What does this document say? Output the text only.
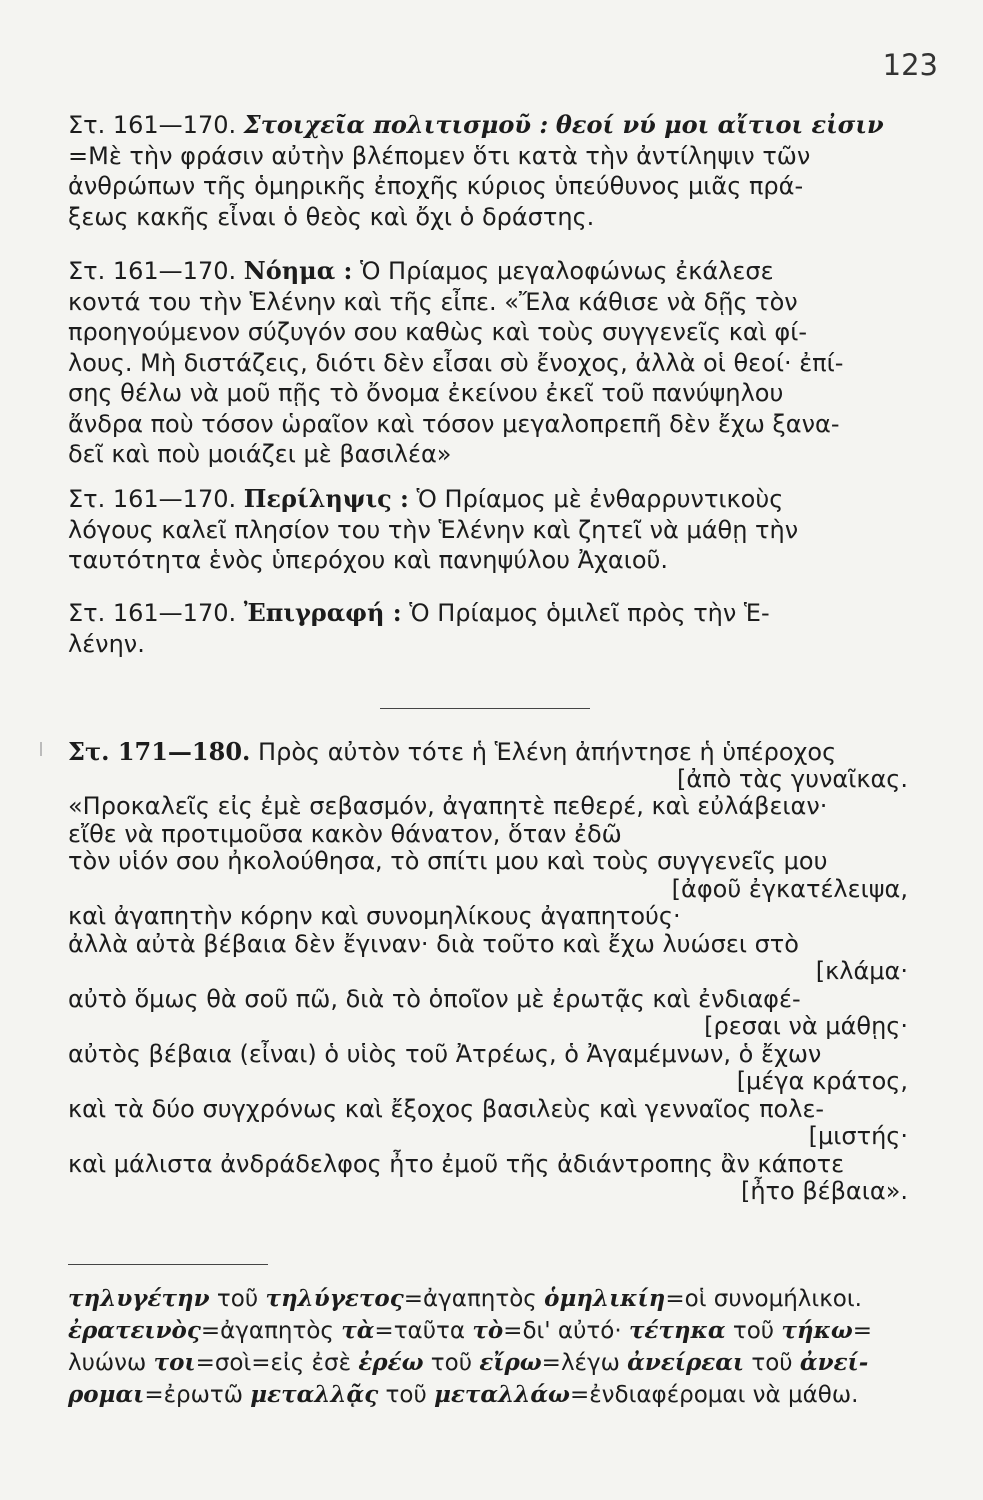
123
Στ. 161—170. Στοιχεῖα πολιτισμοῦ : θεοί νύ μοι αἴτιοι εἰσιν
=Μὲ τὴν φράσιν αὐτὴν βλέπομεν ὅτι κατὰ τὴν ἀντίληψιν τῶν
ἀνθρώπων τῆς ὁμηρικῆς ἐποχῆς κύριος ὑπεύθυνος μιᾶς πρά-
ξεως κακῆς εἶναι ὁ θεὸς καὶ ὄχι ὁ δράστης.
Στ. 161—170. Νόημα : Ὁ Πρίαμος μεγαλοφώνως ἐκάλεσε
κοντά του τὴν Ἑλένην καὶ τῆς εἶπε. «Ἔλα κάθισε νὰ δῇς τὸν
προηγούμενον σύζυγόν σου καθὼς καὶ τοὺς συγγενεῖς καὶ φί-
λους. Μὴ διστάζεις, διότι δὲν εἶσαι σὺ ἔνοχος, ἀλλὰ οἱ θεοί· ἐπί-
σης θέλω νὰ μοῦ πῇς τὸ ὄνομα ἐκείνου ἐκεῖ τοῦ πανύψηλου
ἄνδρα ποὺ τόσον ὡραῖον καὶ τόσον μεγαλοπρεπῆ δὲν ἔχω ξανα-
δεῖ καὶ ποὺ μοιάζει μὲ βασιλέα»
Στ. 161—170. Περίληψις : Ὁ Πρίαμος μὲ ἐνθαρρυντικοὺς
λόγους καλεῖ πλησίον του τὴν Ἑλένην καὶ ζητεῖ νὰ μάθῃ τὴν
ταυτότητα ἑνὸς ὑπερόχου καὶ πανηψύλου Ἀχαιοῦ.
Στ. 161—170. Ἐπιγραφή : Ὁ Πρίαμος ὁμιλεῖ πρὸς τὴν Ἑ-
λένην.
Στ. 171—180. Πρὸς αὐτὸν τότε ἡ Ἑλένη ἀπήντησε ἡ ὑπέροχος
[ἀπὸ τὰς γυναῖκας.
«Προκαλεῖς εἰς ἐμὲ σεβασμόν, ἀγαπητὲ πεθερέ, καὶ εὐλάβειαν·
εἴθε νὰ προτιμοῦσα κακὸν θάνατον, ὅταν ἐδῶ
τὸν υἱόν σου ἠκολούθησα, τὸ σπίτι μου καὶ τοὺς συγγενεῖς μου
[ἀφοῦ ἐγκατέλειψα,
καὶ ἀγαπητὴν κόρην καὶ συνομηλίκους ἀγαπητούς·
ἀλλὰ αὐτὰ βέβαια δὲν ἔγιναν· διὰ τοῦτο καὶ ἔχω λυώσει στὸ
[κλάμα·
αὐτὸ ὅμως θὰ σοῦ πῶ, διὰ τὸ ὁποῖον μὲ ἐρωτᾷς καὶ ἐνδιαφέ-
[ρεσαι νὰ μάθῃς·
αὐτὸς βέβαια (εἶναι) ὁ υἱὸς τοῦ Ἀτρέως, ὁ Ἀγαμέμνων, ὁ ἔχων
[μέγα κράτος,
καὶ τὰ δύο συγχρόνως καὶ ἔξοχος βασιλεὺς καὶ γενναῖος πολε-
[μιστής·
καὶ μάλιστα ἀνδράδελφος ἦτο ἐμοῦ τῆς ἀδιάντροπης ἂν κάποτε
[ἦτο βέβαια».
τηλυγέτην τοῦ τηλύγετος=ἀγαπητὸς ὁμηλικίη=οἱ συνομήλικοι.
ἐρατεινὸς=ἀγαπητὸς τὰ=ταῦτα τὸ=δι' αὐτό· τέτηκα τοῦ τήκω=
λυώνω τοι=σοὶ=εἰς ἐσὲ ἐρέω τοῦ εἴρω=λέγω ἀνείρεαι τοῦ ἀνεί-
ρομαι=ἐρωτῶ μεταλλᾷς τοῦ μεταλλάω=ἐνδιαφέρομαι νὰ μάθω.
